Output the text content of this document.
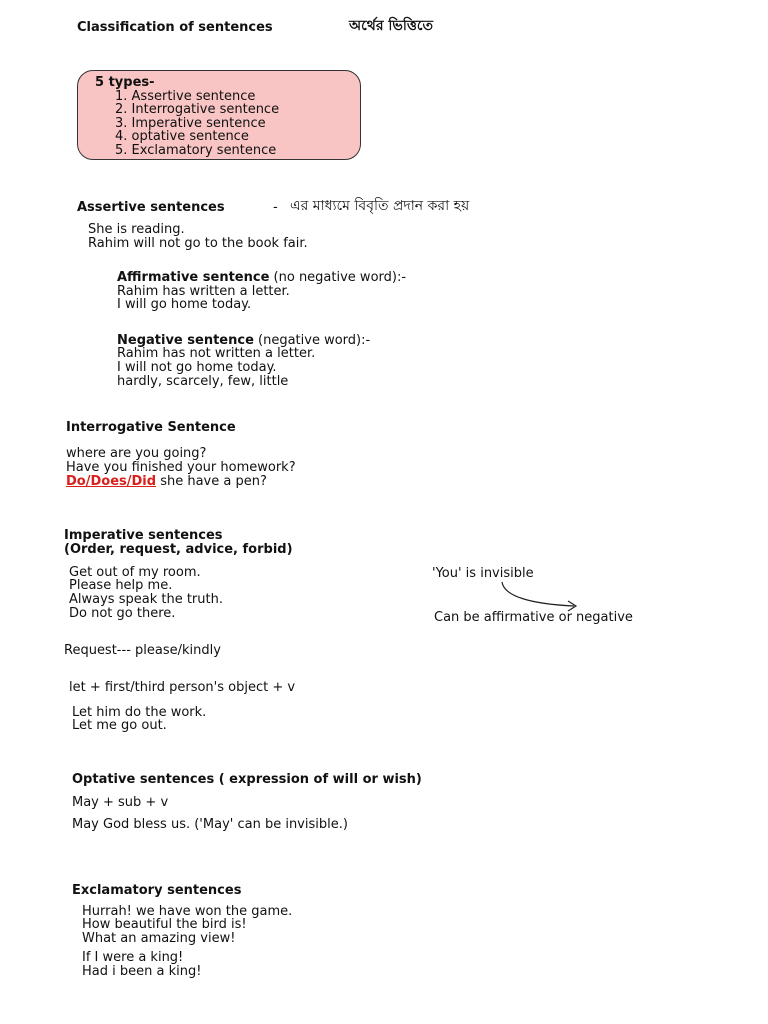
Classification of sentences	অর্থের ভিত্তিতে
5 types-
1. Assertive sentence
2. Interrogative sentence
3. Imperative sentence
4. optative sentence
5. Exclamatory sentence
Assertive sentences	- এর মাধ্যমে বিবৃতি প্রদান করা হয়
She is reading.
Rahim will not go to the book fair.
Affirmative sentence (no negative word):-
Rahim has written a letter.
I will go home today.
Negative sentence (negative word):-
Rahim has not written a letter.
I will not go home today.
hardly, scarcely, few, little
Interrogative Sentence
where are you going?
Have you finished your homework?
Do/Does/Did she have a pen?
Imperative sentences
(Order, request, advice, forbid)
Get out of my room.
Please help me.
Always speak the truth.
Do not go there.
'You' is invisible
Can be affirmative or negative
Request--- please/kindly
let + first/third person's object + v
Let him do the work.
Let me go out.
Optative sentences ( expression of will or wish)
May + sub + v
May God bless us. ('May' can be invisible.)
Exclamatory sentences
Hurrah! we have won the game.
How beautiful the bird is!
What an amazing view!
If I were a king!
Had i been a king!
